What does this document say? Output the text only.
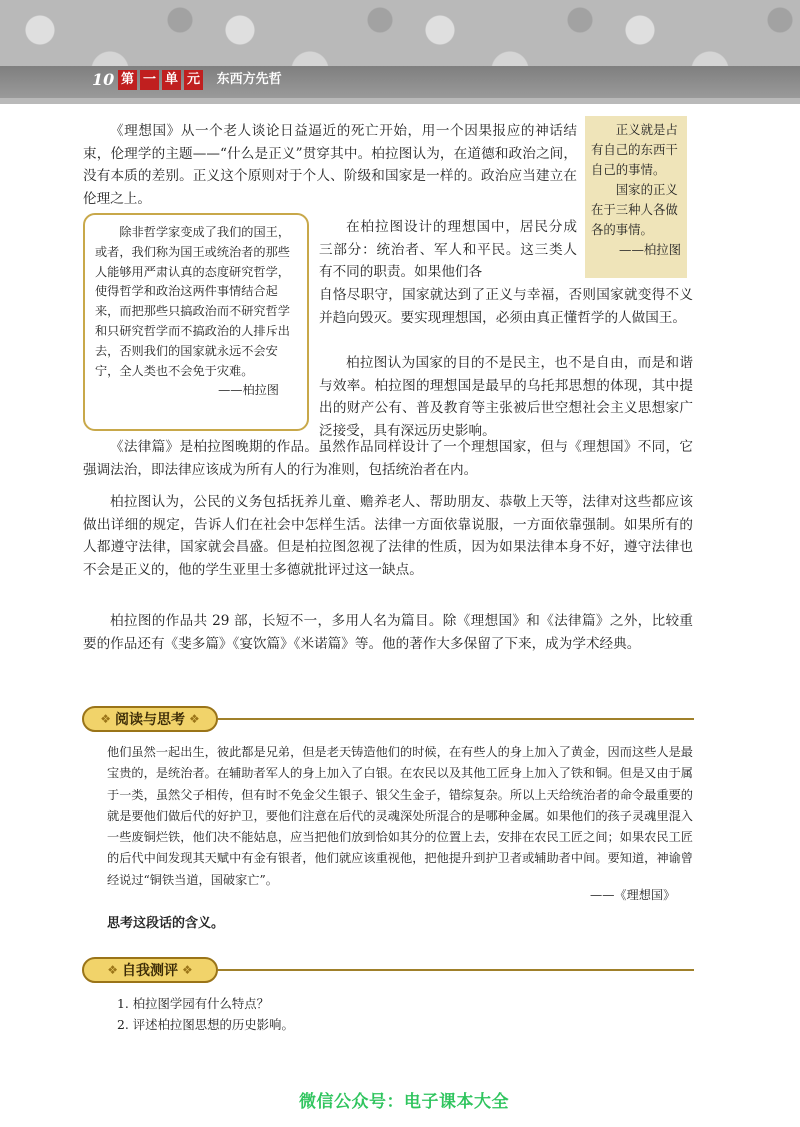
10 第 一 单 元 东西方先哲

正义就是占有自己的东西干自己的事情。

国家的正义在于三种人各做各的事情。

——柏拉图

《理想国》从一个老人谈论日益逼近的死亡开始，用一个因果报应的神话结束，伦理学的主题——“什么是正义”贯穿其中。柏拉图认为，在道德和政治之间，没有本质的差别。正义这个原则对于个人、阶级和国家是一样的。政治应当建立在伦理之上。

除非哲学家变成了我们的国王，或者，我们称为国王或统治者的那些人能够用严肃认真的态度研究哲学，使得哲学和政治这两件事情结合起来，而把那些只搞政治而不研究哲学和只研究哲学而不搞政治的人排斥出去，否则我们的国家就永远不会安宁，全人类也不会免于灾难。

——柏拉图

在柏拉图设计的理想国中，居民分成三部分：统治者、军人和平民。这三类人有不同的职责。如果他们各

自恪尽职守，国家就达到了正义与幸福，否则国家就变得不义并趋向毁灭。要实现理想国，必须由真正懂哲学的人做国王。

柏拉图认为国家的目的不是民主，也不是自由，而是和谐与效率。柏拉图的理想国是最早的乌托邦思想的体现，其中提出的财产公有、普及教育等主张被后世空想社会主义思想家广泛接受，具有深远历史影响。

《法律篇》是柏拉图晚期的作品。虽然作品同样设计了一个理想国家，但与《理想国》不同，它强调法治，即法律应该成为所有人的行为准则，包括统治者在内。

柏拉图认为，公民的义务包括抚养儿童、赡养老人、帮助朋友、恭敬上天等，法律对这些都应该做出详细的规定，告诉人们在社会中怎样生活。法律一方面依靠说服，一方面依靠强制。如果所有的人都遵守法律，国家就会昌盛。但是柏拉图忽视了法律的性质，因为如果法律本身不好，遵守法律也不会是正义的，他的学生亚里士多德就批评过这一缺点。

柏拉图的作品共 29 部，长短不一，多用人名为篇目。除《理想国》和《法律篇》之外，比较重要的作品还有《斐多篇》《宴饮篇》《米诺篇》等。他的著作大多保留了下来，成为学术经典。

❖ 阅读与思考 ❖

他们虽然一起出生，彼此都是兄弟，但是老天铸造他们的时候，在有些人的身上加入了黄金，因而这些人是最宝贵的，是统治者。在辅助者军人的身上加入了白银。在农民以及其他工匠身上加入了铁和铜。但是又由于属于一类，虽然父子相传，但有时不免金父生银子、银父生金子，错综复杂。所以上天给统治者的命令最重要的就是要他们做后代的好护卫，要他们注意在后代的灵魂深处所混合的是哪种金属。如果他们的孩子灵魂里混入一些废铜烂铁，他们决不能姑息，应当把他们放到恰如其分的位置上去，安排在农民工匠之间；如果农民工匠的后代中间发现其天赋中有金有银者，他们就应该重视他，把他提升到护卫者或辅助者中间。要知道，神谕曾经说过“铜铁当道，国破家亡”。

——《理想国》
思考这段话的含义。
❖ 自我测评 ❖
1. 柏拉图学园有什么特点？
2. 评述柏拉图思想的历史影响。
微信公众号：电子课本大全
